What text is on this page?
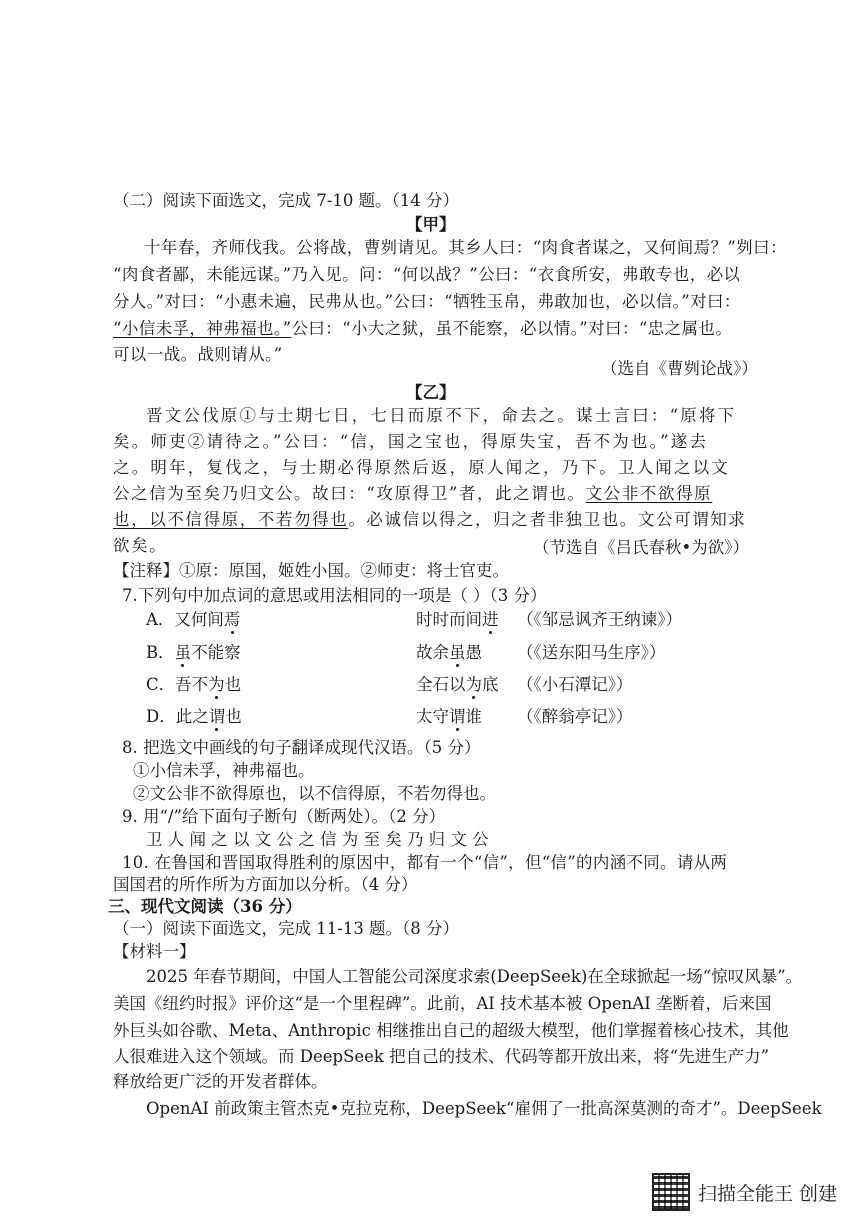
（二）阅读下面选文，完成 7-10 题。（14 分）
【甲】
十年春，齐师伐我。公将战，曹刿请见。其乡人曰：“肉食者谋之，又何间焉？”刿曰：
“肉食者鄙，未能远谋。”乃入见。问：“何以战？”公曰：“衣食所安，弗敢专也，必以
分人。”对曰：“小惠未遍，民弗从也。”公曰：“牺牲玉帛，弗敢加也，必以信。”对曰：
“小信未孚，神弗福也。”公曰：“小大之狱，虽不能察，必以情。”对曰：“忠之属也。
可以一战。战则请从。”
（选自《曹刿论战》）
【乙】
晋文公伐原①与士期七日，七日而原不下，命去之。谋士言曰：“原将下
矣。师吏②请待之。”公曰：“信，国之宝也，得原失宝，吾不为也。”遂去
之。明年，复伐之，与士期必得原然后返，原人闻之，乃下。卫人闻之以文
公之信为至矣乃归文公。故曰：“攻原得卫”者，此之谓也。文公非不欲得原
也，以不信得原，不若勿得也。必诚信以得之，归之者非独卫也。文公可谓知求
欲矣。	（节选自《吕氏春秋•为欲》）
【注释】①原：原国，姬姓小国。②师吏：将士官吏。
7.下列句中加点词的意思或用法相同的一项是（ ）（3 分）
A．又何间焉	时时而间进 （《邹忌讽齐王纳谏》）
B．虽不能察	故余虽愚 （《送东阳马生序》）
C．吾不为也	全石以为底 （《小石潭记》）
D．此之谓也	太守谓谁 （《醉翁亭记》）
8. 把选文中画线的句子翻译成现代汉语。（5 分）
①小信未孚，神弗福也。
②文公非不欲得原也，以不信得原，不若勿得也。
9. 用“/”给下面句子断句（断两处）。（2 分）
卫 人 闻 之 以 文 公 之 信 为 至 矣 乃 归 文 公
10. 在鲁国和晋国取得胜利的原因中，都有一个“信”，但“信”的内涵不同。请从两
国国君的所作所为方面加以分析。（4 分）
三、现代文阅读（36 分）
（一）阅读下面选文，完成 11-13 题。（8 分）
【材料一】
2025 年春节期间，中国人工智能公司深度求索(DeepSeek)在全球掀起一场“惊叹风暴”。
美国《纽约时报》评价这“是一个里程碑”。此前，AI 技术基本被 OpenAI 垄断着，后来国
外巨头如谷歌、Meta、Anthropic 相继推出自己的超级大模型，他们掌握着核心技术，其他
人很难进入这个领域。而 DeepSeek 把自己的技术、代码等都开放出来，将“先进生产力”
释放给更广泛的开发者群体。
OpenAI 前政策主管杰克•克拉克称，DeepSeek“雇佣了一批高深莫测的奇才”。DeepSeek
扫描全能王 创建
